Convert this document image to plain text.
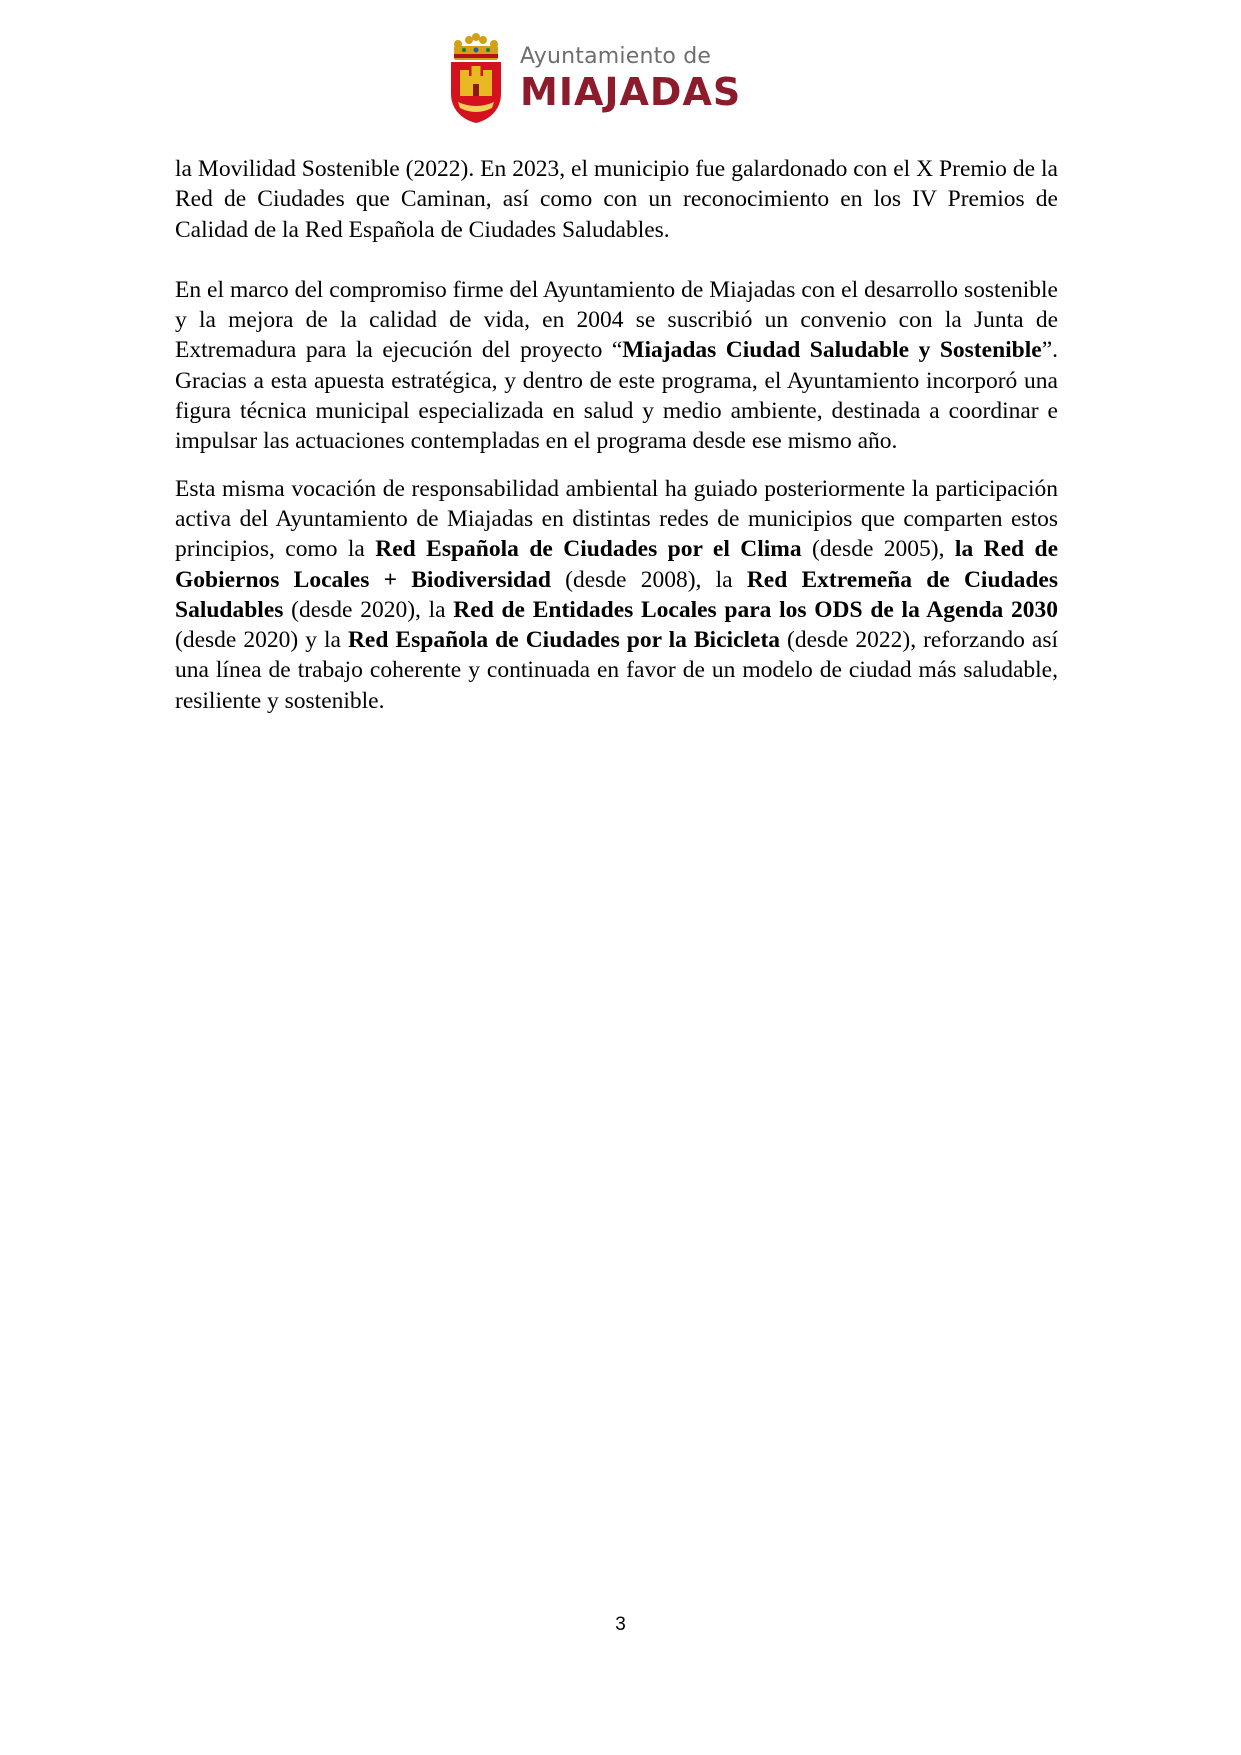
Ayuntamiento de
MIAJADAS

la Movilidad Sostenible (2022). En 2023, el municipio fue galardonado con el X Premio de la Red de Ciudades que Caminan, así como con un reconocimiento en los IV Premios de Calidad de la Red Española de Ciudades Saludables.

En el marco del compromiso firme del Ayuntamiento de Miajadas con el desarrollo sostenible y la mejora de la calidad de vida, en 2004 se suscribió un convenio con la Junta de Extremadura para la ejecución del proyecto “Miajadas Ciudad Saludable y Sostenible”. Gracias a esta apuesta estratégica, y dentro de este programa, el Ayuntamiento incorporó una figura técnica municipal especializada en salud y medio ambiente, destinada a coordinar e impulsar las actuaciones contempladas en el programa desde ese mismo año.

Esta misma vocación de responsabilidad ambiental ha guiado posteriormente la participación activa del Ayuntamiento de Miajadas en distintas redes de municipios que comparten estos principios, como la Red Española de Ciudades por el Clima (desde 2005), la Red de Gobiernos Locales + Biodiversidad (desde 2008), la Red Extremeña de Ciudades Saludables (desde 2020), la Red de Entidades Locales para los ODS de la Agenda 2030 (desde 2020) y la Red Española de Ciudades por la Bicicleta (desde 2022), reforzando así una línea de trabajo coherente y continuada en favor de un modelo de ciudad más saludable, resiliente y sostenible.

3
